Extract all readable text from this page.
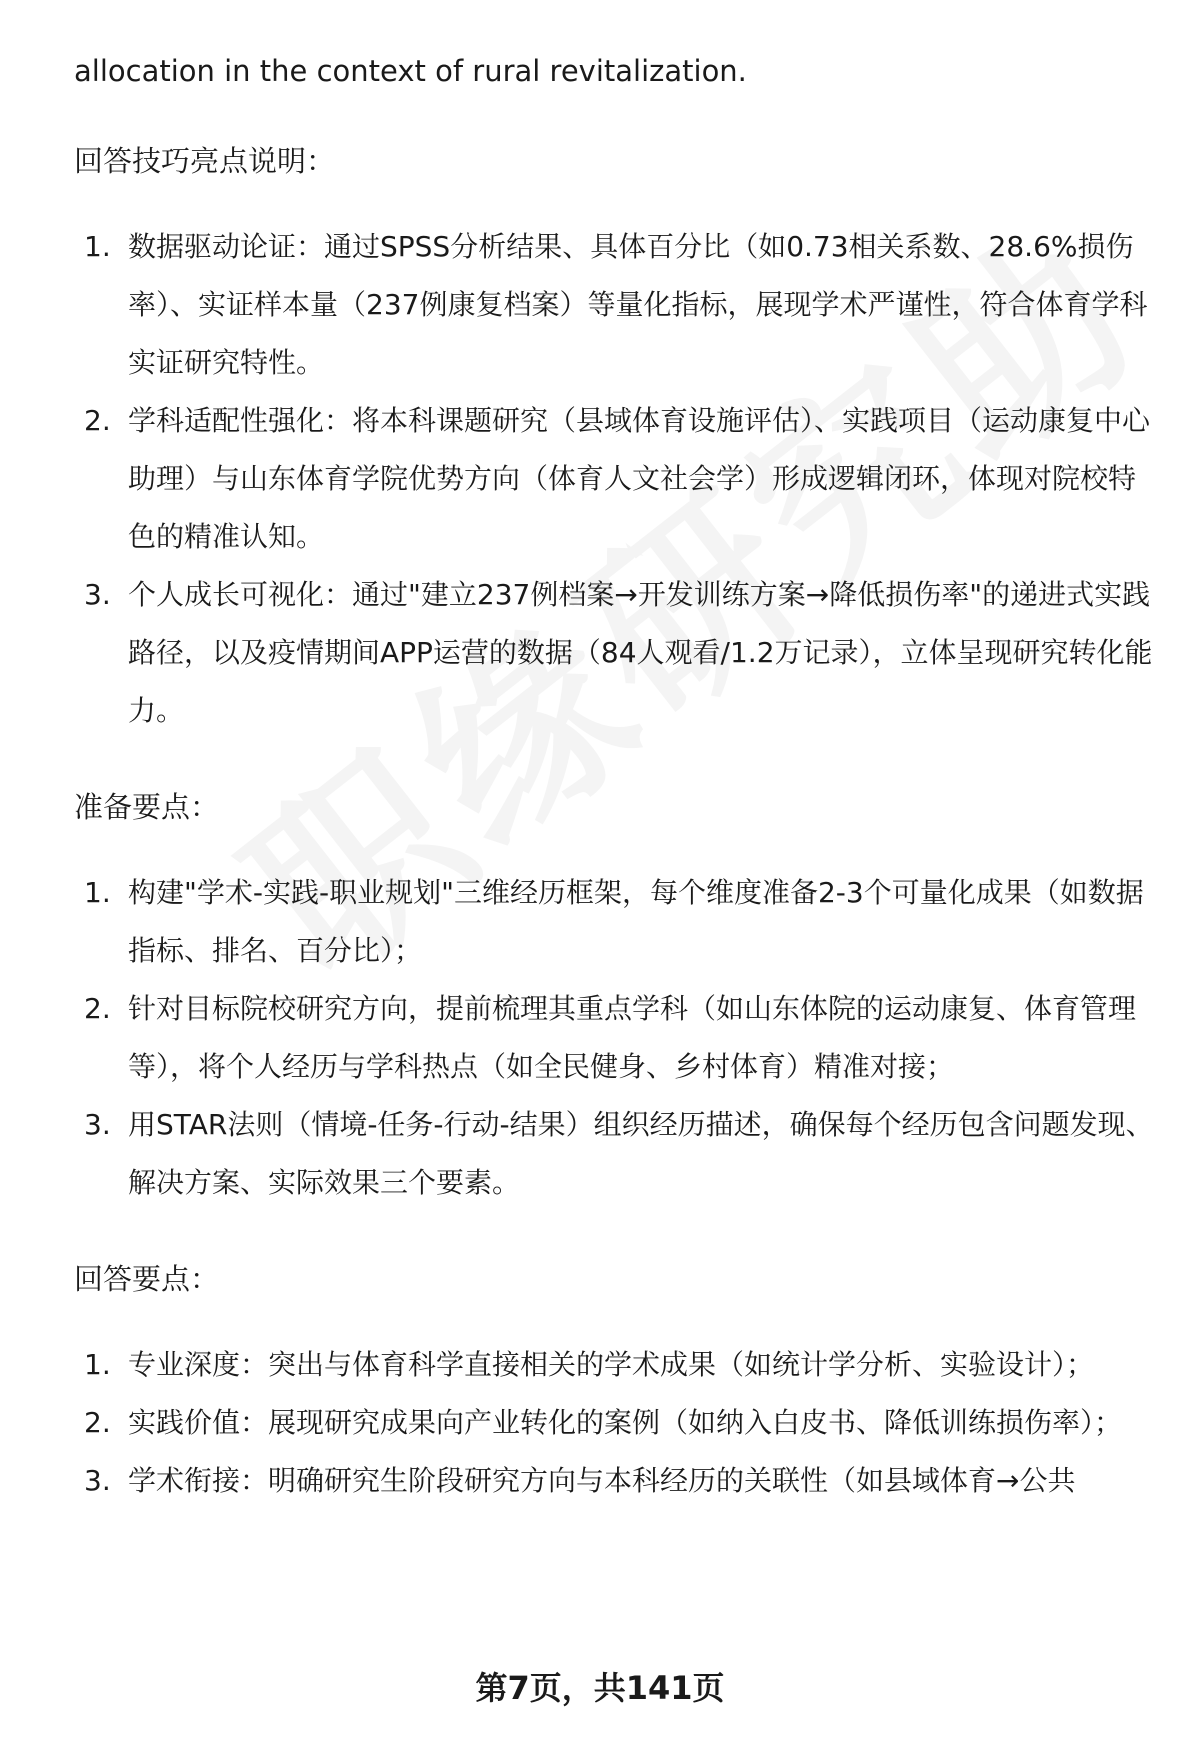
allocation in the context of rural revitalization.
回答技巧亮点说明：
1. 数据驱动论证：通过SPSS分析结果、具体百分比（如0.73相关系数、28.6%损伤率）、实证样本量（237例康复档案）等量化指标，展现学术严谨性，符合体育学科实证研究特性。
2. 学科适配性强化：将本科课题研究（县域体育设施评估）、实践项目（运动康复中心助理）与山东体育学院优势方向（体育人文社会学）形成逻辑闭环，体现对院校特色的精准认知。
3. 个人成长可视化：通过"建立237例档案→开发训练方案→降低损伤率"的递进式实践路径，以及疫情期间APP运营的数据（84人观看/1.2万记录），立体呈现研究转化能力。
准备要点：
1. 构建"学术-实践-职业规划"三维经历框架，每个维度准备2-3个可量化成果（如数据指标、排名、百分比）；
2. 针对目标院校研究方向，提前梳理其重点学科（如山东体院的运动康复、体育管理等），将个人经历与学科热点（如全民健身、乡村体育）精准对接；
3. 用STAR法则（情境-任务-行动-结果）组织经历描述，确保每个经历包含问题发现、解决方案、实际效果三个要素。
回答要点：
1. 专业深度：突出与体育科学直接相关的学术成果（如统计学分析、实验设计）；
2. 实践价值：展现研究成果向产业转化的案例（如纳入白皮书、降低训练损伤率）；
3. 学术衔接：明确研究生阶段研究方向与本科经历的关联性（如县域体育→公共
第7页，共141页
